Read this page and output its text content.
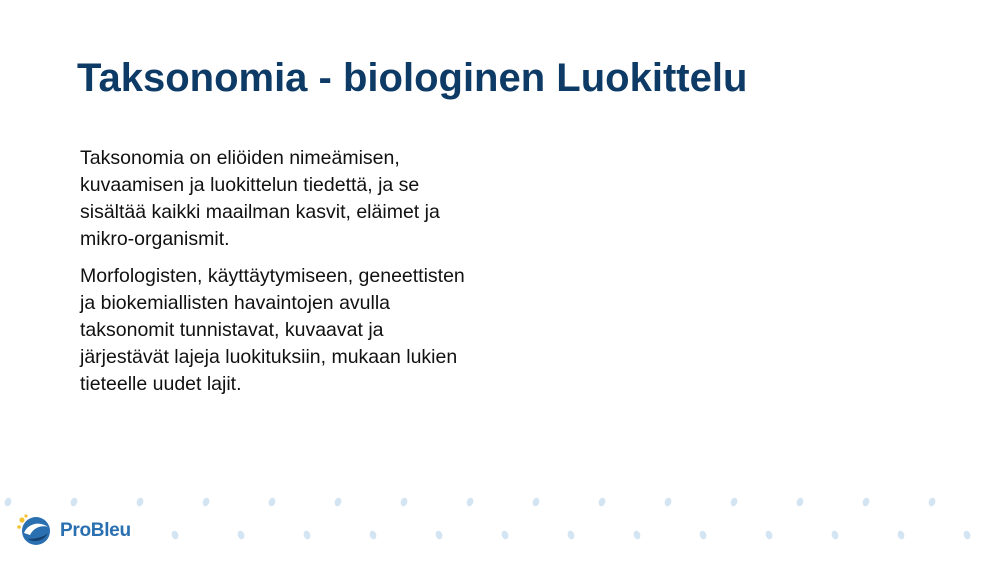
Taksonomia - biologinen Luokittelu

Taksonomia on eliöiden nimeämisen,
kuvaamisen ja luokittelun tiedettä, ja se
sisältää kaikki maailman kasvit, eläimet ja
mikro-organismit.

Morfologisten, käyttäytymiseen, geneettisten
ja biokemiallisten havaintojen avulla
taksonomit tunnistavat, kuvaavat ja
järjestävät lajeja luokituksiin, mukaan lukien
tieteelle uudet lajit.

ProBleu
